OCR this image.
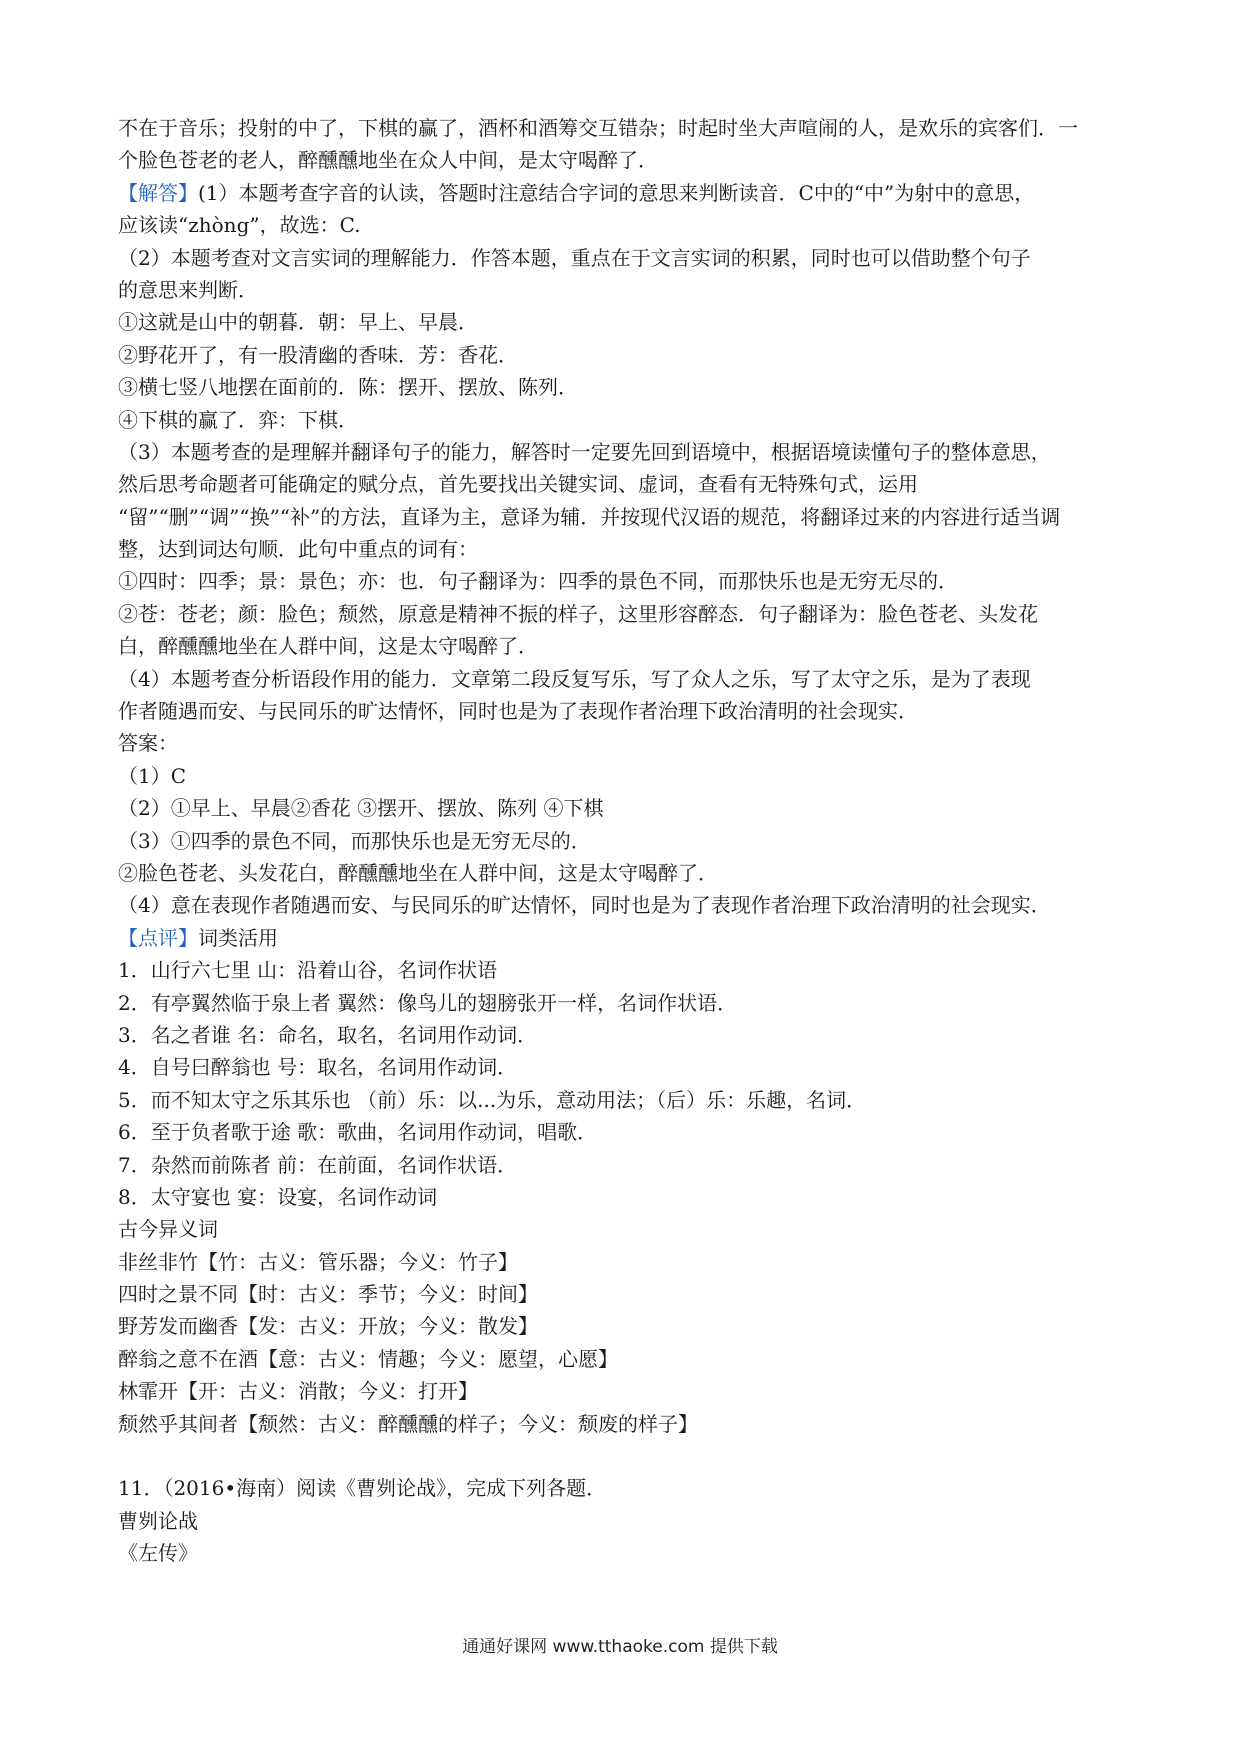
不在于音乐；投射的中了，下棋的赢了，酒杯和酒筹交互错杂；时起时坐大声喧闹的人，是欢乐的宾客们．一
个脸色苍老的老人，醉醺醺地坐在众人中间，是太守喝醉了．
【解答】(1）本题考查字音的认读，答题时注意结合字词的意思来判断读音．C中的“中”为射中的意思，
应该读“zhòng”，故选：C.
（2）本题考查对文言实词的理解能力．作答本题，重点在于文言实词的积累，同时也可以借助整个句子
的意思来判断．
①这就是山中的朝暮．朝：早上、早晨．
②野花开了，有一股清幽的香味．芳：香花．
③横七竖八地摆在面前的．陈：摆开、摆放、陈列．
④下棋的赢了．弈：下棋．
（3）本题考查的是理解并翻译句子的能力，解答时一定要先回到语境中，根据语境读懂句子的整体意思，
然后思考命题者可能确定的赋分点，首先要找出关键实词、虚词，查看有无特殊句式，运用
“留”“删”“调”“换”“补”的方法，直译为主，意译为辅．并按现代汉语的规范，将翻译过来的内容进行适当调
整，达到词达句顺．此句中重点的词有：
①四时：四季；景：景色；亦：也．句子翻译为：四季的景色不同，而那快乐也是无穷无尽的．
②苍：苍老；颜：脸色；颓然，原意是精神不振的样子，这里形容醉态．句子翻译为：脸色苍老、头发花
白，醉醺醺地坐在人群中间，这是太守喝醉了．
（4）本题考查分析语段作用的能力．文章第二段反复写乐，写了众人之乐，写了太守之乐，是为了表现
作者随遇而安、与民同乐的旷达情怀，同时也是为了表现作者治理下政治清明的社会现实．
答案：
（1）C
（2）①早上、早晨②香花 ③摆开、摆放、陈列 ④下棋
（3）①四季的景色不同，而那快乐也是无穷无尽的．
②脸色苍老、头发花白，醉醺醺地坐在人群中间，这是太守喝醉了．
（4）意在表现作者随遇而安、与民同乐的旷达情怀，同时也是为了表现作者治理下政治清明的社会现实．
【点评】词类活用
1．山行六七里 山：沿着山谷，名词作状语
2．有亭翼然临于泉上者 翼然：像鸟儿的翅膀张开一样，名词作状语．
3．名之者谁 名：命名，取名，名词用作动词．
4．自号曰醉翁也 号：取名，名词用作动词．
5．而不知太守之乐其乐也 （前）乐：以...为乐，意动用法；（后）乐：乐趣，名词．
6．至于负者歌于途 歌：歌曲，名词用作动词，唱歌．
7．杂然而前陈者 前：在前面，名词作状语．
8．太守宴也 宴：设宴，名词作动词
古今异义词
非丝非竹【竹：古义：管乐器；今义：竹子】
四时之景不同【时：古义：季节；今义：时间】
野芳发而幽香【发：古义：开放；今义：散发】
醉翁之意不在酒【意：古义：情趣；今义：愿望，心愿】
林霏开【开：古义：消散；今义：打开】
颓然乎其间者【颓然：古义：醉醺醺的样子；今义：颓废的样子】
11．（2016•海南）阅读《曹刿论战》，完成下列各题．
曹刿论战
《左传》
通通好课网 www.tthaoke.com 提供下载
